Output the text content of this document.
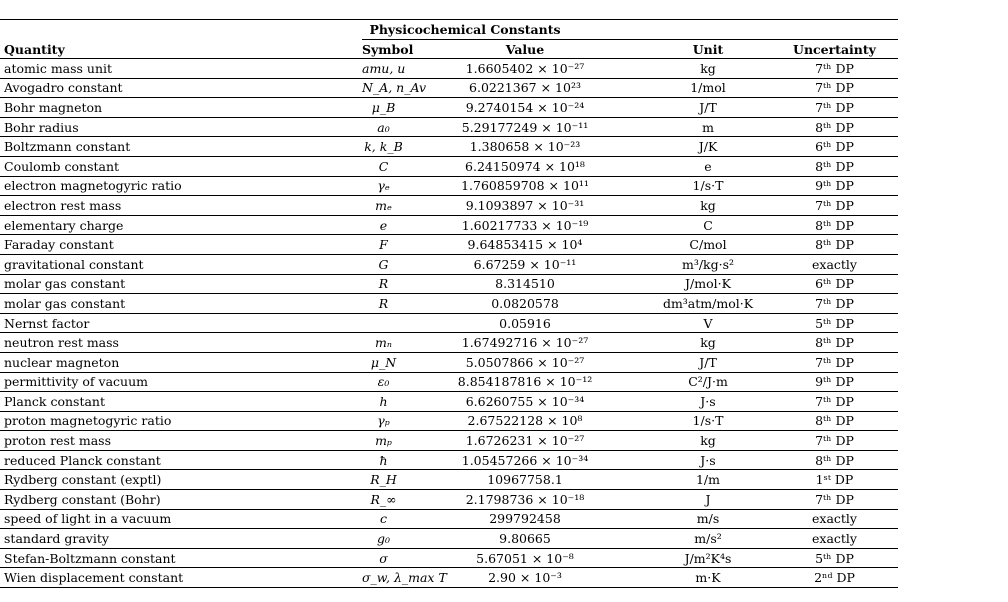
Physicochemical Constants
Quantity	Symbol	Value	Unit	Uncertainty
atomic mass unit	amu, u	1.6605402 × 10⁻²⁷	kg	7ᵗʰ DP
Avogadro constant	N_A, n_Av	6.0221367 × 10²³	1/mol	7ᵗʰ DP
Bohr magneton	μ_B	9.2740154 × 10⁻²⁴	J/T	7ᵗʰ DP
Bohr radius	a₀	5.29177249 × 10⁻¹¹	m	8ᵗʰ DP
Boltzmann constant	k, k_B	1.380658 × 10⁻²³	J/K	6ᵗʰ DP
Coulomb constant	C	6.24150974 × 10¹⁸	e	8ᵗʰ DP
electron magnetogyric ratio	γₑ	1.760859708 × 10¹¹	1/s·T	9ᵗʰ DP
electron rest mass	mₑ	9.1093897 × 10⁻³¹	kg	7ᵗʰ DP
elementary charge	e	1.60217733 × 10⁻¹⁹	C	8ᵗʰ DP
Faraday constant	F	9.64853415 × 10⁴	C/mol	8ᵗʰ DP
gravitational constant	G	6.67259 × 10⁻¹¹	m³/kg·s²	exactly
molar gas constant	R	8.314510	J/mol·K	6ᵗʰ DP
molar gas constant	R	0.0820578	dm³atm/mol·K	7ᵗʰ DP
Nernst factor		0.05916	V	5ᵗʰ DP
neutron rest mass	mₙ	1.67492716 × 10⁻²⁷	kg	8ᵗʰ DP
nuclear magneton	μ_N	5.0507866 × 10⁻²⁷	J/T	7ᵗʰ DP
permittivity of vacuum	ε₀	8.854187816 × 10⁻¹²	C²/J·m	9ᵗʰ DP
Planck constant	h	6.6260755 × 10⁻³⁴	J·s	7ᵗʰ DP
proton magnetogyric ratio	γₚ	2.67522128 × 10⁸	1/s·T	8ᵗʰ DP
proton rest mass	mₚ	1.6726231 × 10⁻²⁷	kg	7ᵗʰ DP
reduced Planck constant	ħ	1.05457266 × 10⁻³⁴	J·s	8ᵗʰ DP
Rydberg constant (exptl)	R_H	10967758.1	1/m	1ˢᵗ DP
Rydberg constant (Bohr)	R_∞	2.1798736 × 10⁻¹⁸	J	7ᵗʰ DP
speed of light in a vacuum	c	299792458	m/s	exactly
standard gravity	g₀	9.80665	m/s²	exactly
Stefan-Boltzmann constant	σ	5.67051 × 10⁻⁸	J/m²K⁴s	5ᵗʰ DP
Wien displacement constant	σ_w, λ_max T	2.90 × 10⁻³	m·K	2ⁿᵈ DP
